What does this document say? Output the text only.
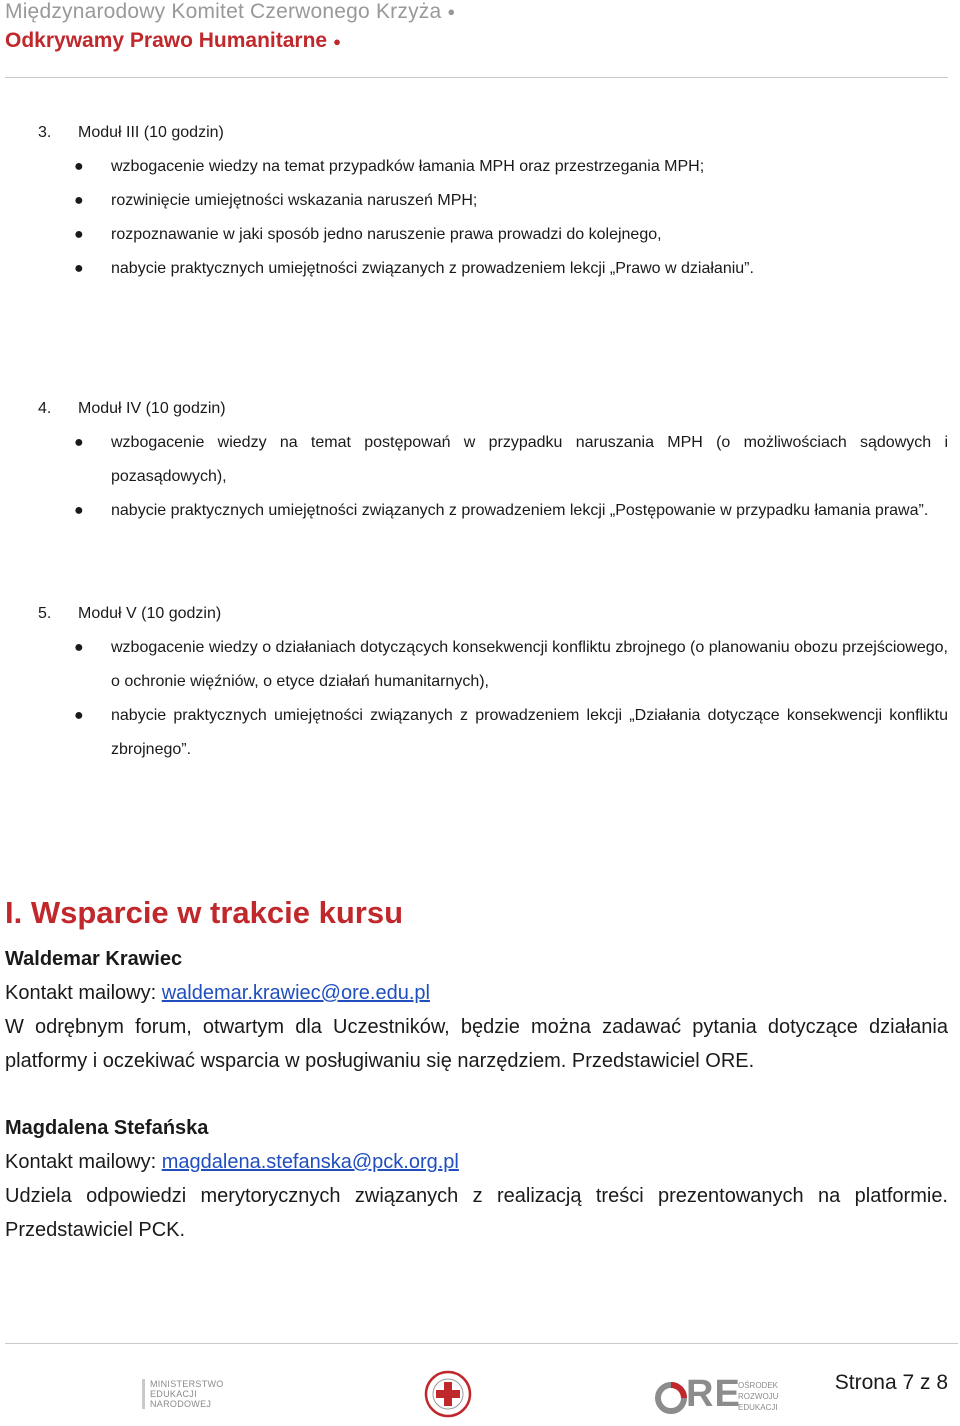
Międzynarodowy Komitet Czerwonego Krzyża ●
Odkrywamy Prawo Humanitarne ●
3. Moduł III (10 godzin)
● wzbogacenie wiedzy na temat przypadków łamania MPH oraz przestrzegania MPH;
● rozwinięcie umiejętności wskazania naruszeń MPH;
● rozpoznawanie w jaki sposób jedno naruszenie prawa prowadzi do kolejnego,
● nabycie praktycznych umiejętności związanych z prowadzeniem lekcji „Prawo w działaniu”.
4. Moduł IV (10 godzin)
● wzbogacenie wiedzy na temat postępowań w przypadku naruszania MPH (o możliwościach sądowych i pozasądowych),
● nabycie praktycznych umiejętności związanych z prowadzeniem lekcji „Postępowanie w przypadku łamania prawa”.
5. Moduł V (10 godzin)
● wzbogacenie wiedzy o działaniach dotyczących konsekwencji konfliktu zbrojnego (o planowaniu obozu przejściowego, o ochronie więźniów, o etyce działań humanitarnych),
● nabycie praktycznych umiejętności związanych z prowadzeniem lekcji „Działania dotyczące konsekwencji konfliktu zbrojnego”.
I. Wsparcie w trakcie kursu
Waldemar Krawiec
Kontakt mailowy: waldemar.krawiec@ore.edu.pl
W odrębnym forum, otwartym dla Uczestników, będzie można zadawać pytania dotyczące działania platformy i oczekiwać wsparcia w posługiwaniu się narzędziem. Przedstawiciel ORE.
Magdalena Stefańska
Kontakt mailowy: magdalena.stefanska@pck.org.pl
Udziela odpowiedzi merytorycznych związanych z realizacją treści prezentowanych na platformie. Przedstawiciel PCK.
MINISTERSTWO
EDUKACJI
NARODOWEJ	RE
OŚRODEK
ROZWOJU
EDUKACJI
Strona 7 z 8
